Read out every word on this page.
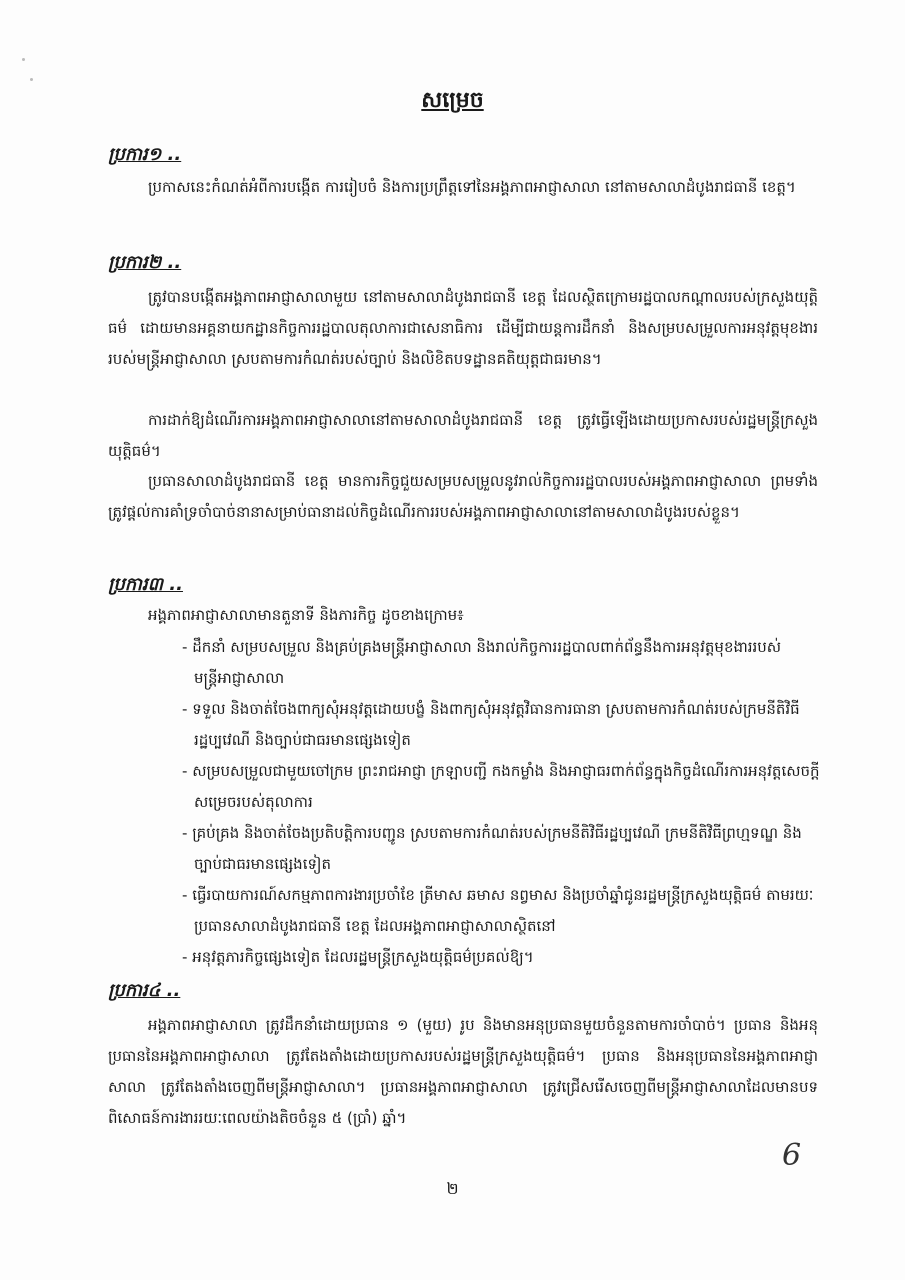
សម្រេច
ប្រការ១ ..

ប្រកាសនេះកំណត់អំពីការបង្កើត ការរៀបចំ និងការប្រព្រឹត្តទៅនៃអង្គភាពអាជ្ញាសាលា នៅតាមសាលាដំបូងរាជធានី ខេត្ត។

ប្រការ២ ..

ត្រូវបានបង្កើតអង្គភាពអាជ្ញាសាលាមួយ នៅតាមសាលាដំបូងរាជធានី ខេត្ត ដែលស្ថិតក្រោមរដ្ឋបាលកណ្ដាលរបស់ក្រសួងយុត្តិធម៌ ដោយមានអគ្គនាយកដ្ឋានកិច្ចការរដ្ឋបាលតុលាការជាសេនាធិការ ដើម្បីជាយន្តការដឹកនាំ និងសម្របសម្រួលការអនុវត្តមុខងាររបស់មន្ត្រីអាជ្ញាសាលា ស្របតាមការកំណត់របស់ច្បាប់ និងលិខិតបទដ្ឋានគតិយុត្តជាធរមាន។

ការដាក់ឱ្យដំណើរការអង្គភាពអាជ្ញាសាលានៅតាមសាលាដំបូងរាជធានី ខេត្ត ត្រូវធ្វើឡើងដោយប្រកាសរបស់រដ្ឋមន្ត្រីក្រសួងយុត្តិធម៌។

ប្រធានសាលាដំបូងរាជធានី ខេត្ត មានការកិច្ចជួយសម្របសម្រួលនូវរាល់កិច្ចការរដ្ឋបាលរបស់អង្គភាពអាជ្ញាសាលា ព្រមទាំងត្រូវផ្ដល់ការគាំទ្រចាំបាច់នានាសម្រាប់ធានាដល់កិច្ចដំណើរការរបស់អង្គភាពអាជ្ញាសាលានៅតាមសាលាដំបូងរបស់ខ្លួន។

ប្រការ៣ ..

អង្គភាពអាជ្ញាសាលាមានតួនាទី និងភារកិច្ច ដូចខាងក្រោម៖

- ដឹកនាំ សម្របសម្រួល និងគ្រប់គ្រងមន្ត្រីអាជ្ញាសាលា និងរាល់កិច្ចការរដ្ឋបាលពាក់ព័ន្ធនឹងការអនុវត្តមុខងាររបស់មន្ត្រីអាជ្ញាសាលា
- ទទួល និងចាត់ចែងពាក្យសុំអនុវត្តដោយបង្ខំ និងពាក្យសុំអនុវត្តវិធានការធានា ស្របតាមការកំណត់របស់ក្រមនីតិវិធីរដ្ឋប្បវេណី និងច្បាប់ជាធរមានផ្សេងទៀត
- សម្របសម្រួលជាមួយចៅក្រម ព្រះរាជអាជ្ញា ក្រឡាបញ្ជី កងកម្លាំង និងអាជ្ញាធរពាក់ព័ន្ធក្នុងកិច្ចដំណើរការអនុវត្តសេចក្ដីសម្រេចរបស់តុលាការ
- គ្រប់គ្រង និងចាត់ចែងប្រតិបត្តិការបញ្ជូន ស្របតាមការកំណត់របស់ក្រមនីតិវិធីរដ្ឋប្បវេណី ក្រមនីតិវិធីព្រហ្មទណ្ឌ និងច្បាប់ជាធរមានផ្សេងទៀត
- ធ្វើរបាយការណ៍សកម្មភាពការងារប្រចាំខែ ត្រីមាស ឆមាស នព្វមាស និងប្រចាំឆ្នាំជូនរដ្ឋមន្ត្រីក្រសួងយុត្តិធម៌ តាមរយៈប្រធានសាលាដំបូងរាជធានី ខេត្ត ដែលអង្គភាពអាជ្ញាសាលាស្ថិតនៅ
- អនុវត្តភារកិច្ចផ្សេងទៀត ដែលរដ្ឋមន្ត្រីក្រសួងយុត្តិធម៌ប្រគល់ឱ្យ។
ប្រការ៤ ..

អង្គភាពអាជ្ញាសាលា ត្រូវដឹកនាំដោយប្រធាន ១ (មួយ) រូប និងមានអនុប្រធានមួយចំនួនតាមការចាំបាច់។ ប្រធាន និងអនុប្រធាននៃអង្គភាពអាជ្ញាសាលា ត្រូវតែងតាំងដោយប្រកាសរបស់រដ្ឋមន្ត្រីក្រសួងយុត្តិធម៌។ ប្រធាន និងអនុប្រធាននៃអង្គភាពអាជ្ញាសាលា ត្រូវតែងតាំងចេញពីមន្ត្រីអាជ្ញាសាលា។ ប្រធានអង្គភាពអាជ្ញាសាលា ត្រូវជ្រើសរើសចេញពីមន្ត្រីអាជ្ញាសាលាដែលមានបទពិសោធន៍ការងាររយៈពេលយ៉ាងតិចចំនួន ៥ (ប្រាំ) ឆ្នាំ។

6
២
